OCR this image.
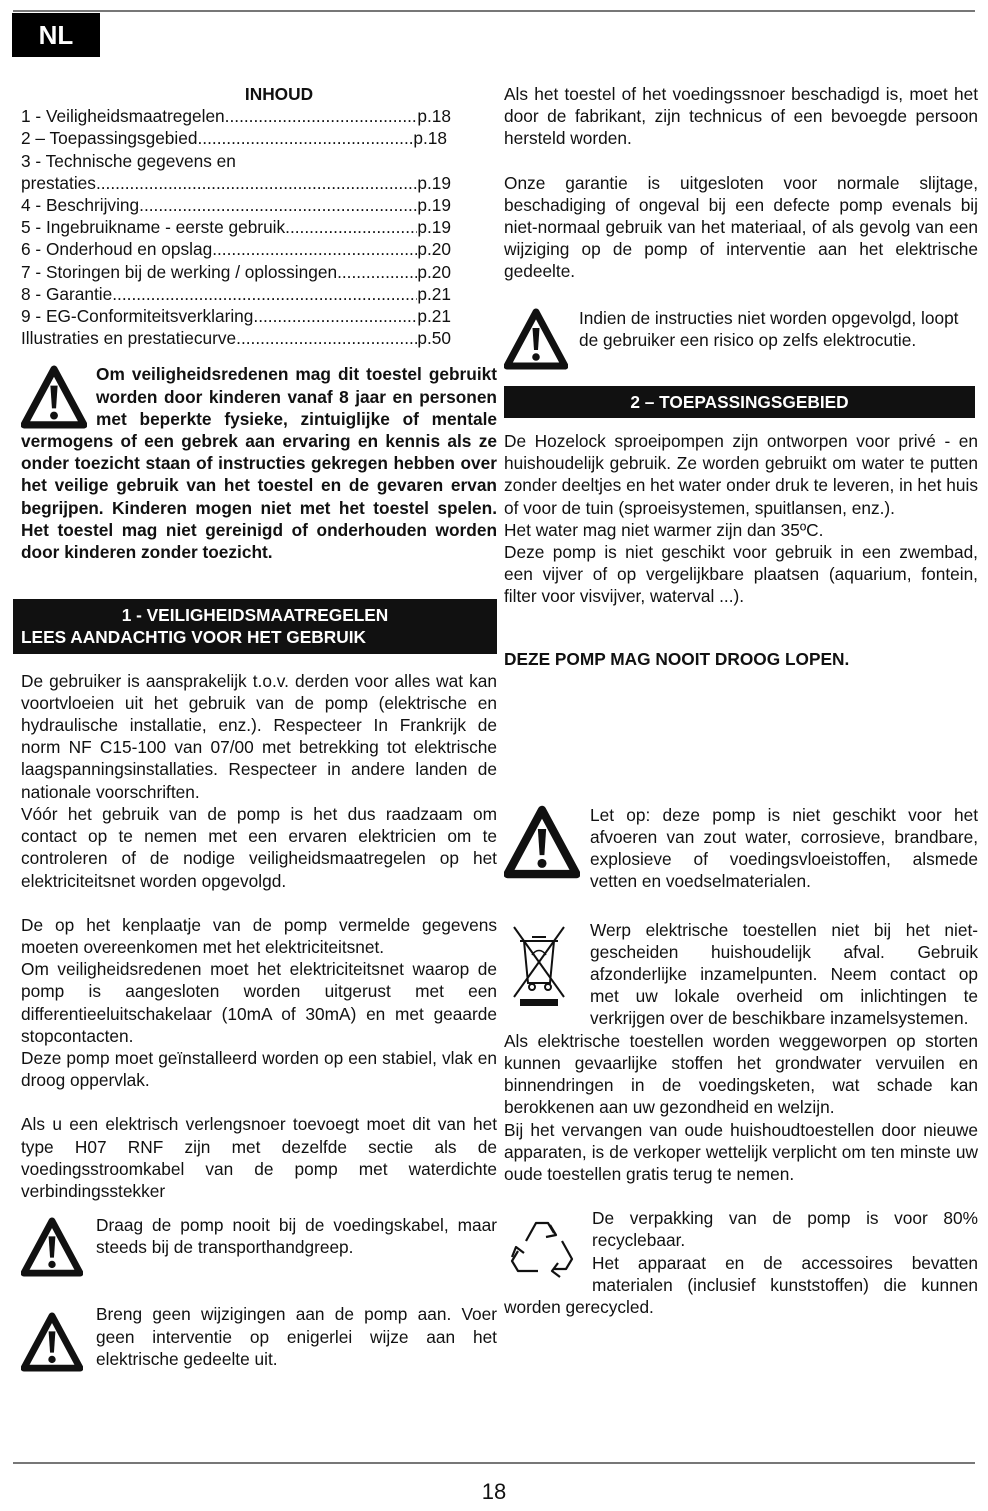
NL
INHOUD
1 - Veiligheidsmaatregelen .....	p.18
2 – Toepassingsgebied .....	p.18
3 - Technische gegevens en
prestaties .....	p.19
4 - Beschrijving .....	p.19
5 - Ingebruikname - eerste gebruik .....	p.19
6 - Onderhoud en opslag .....	p.20
7 - Storingen bij de werking / oplossingen .....	p.20
8 - Garantie .....	p.21
9 - EG-Conformiteitsverklaring .....	p.21
Illustraties en prestatiecurve .....	p.50
Om veiligheidsredenen mag dit toestel gebruikt worden door kinderen vanaf 8 jaar en personen met beperkte fysieke, zintuiglijke of mentale vermogens of een gebrek aan ervaring en kennis als ze onder toezicht staan of instructies gekregen hebben over het veilige gebruik van het toestel en de gevaren ervan begrijpen. Kinderen mogen niet met het toestel spelen. Het toestel mag niet gereinigd of onderhouden worden door kinderen zonder toezicht.
1 - VEILIGHEIDSMAATREGELEN
LEES AANDACHTIG VOOR HET GEBRUIK
De gebruiker is aansprakelijk t.o.v. derden voor alles wat kan voortvloeien uit het gebruik van de pomp (elektrische en hydraulische installatie, enz.). Respecteer In Frankrijk de norm NF C15-100 van 07/00 met betrekking tot elektrische laagspanningsinstallaties. Respecteer in andere landen de nationale voorschriften.
Vóór het gebruik van de pomp is het dus raadzaam om contact op te nemen met een ervaren elektricien om te controleren of de nodige veiligheidsmaatregelen op het elektriciteitsnet worden opgevolgd.
De op het kenplaatje van de pomp vermelde gegevens moeten overeenkomen met het elektriciteitsnet.
Om veiligheidsredenen moet het elektriciteitsnet waarop de pomp is aangesloten worden uitgerust met een differentieeluitschakelaar (10mA of 30mA) en met geaarde stopcontacten.
Deze pomp moet geïnstalleerd worden op een stabiel, vlak en droog oppervlak.
Als u een elektrisch verlengsnoer toevoegt moet dit van het type H07 RNF zijn met dezelfde sectie als de voedingsstroomkabel van de pomp met waterdichte verbindingsstekker
Draag de pomp nooit bij de voedingskabel, maar steeds bij de transporthandgreep.
Breng geen wijzigingen aan de pomp aan. Voer geen interventie op enigerlei wijze aan het elektrische gedeelte uit.
Als het toestel of het voedingssnoer beschadigd is, moet het door de fabrikant, zijn technicus of een bevoegde persoon hersteld worden.
Onze garantie is uitgesloten voor normale slijtage, beschadiging of ongeval bij een defecte pomp evenals bij niet-normaal gebruik van het materiaal, of als gevolg van een wijziging op de pomp of interventie aan het elektrische gedeelte.
Indien de instructies niet worden opgevolgd, loopt de gebruiker een risico op zelfs elektrocutie.
2 – TOEPASSINGSGEBIED
De Hozelock sproeipompen zijn ontworpen voor privé - en huishoudelijk gebruik. Ze worden gebruikt om water te putten zonder deeltjes en het water onder druk te leveren, in het huis of voor de tuin (sproeisystemen, spuitlansen, enz.).
Het water mag niet warmer zijn dan 35ºC.
Deze pomp is niet geschikt voor gebruik in een zwembad, een vijver of op vergelijkbare plaatsen (aquarium, fontein, filter voor visvijver, waterval ...).
DEZE POMP MAG NOOIT DROOG LOPEN.
Let op: deze pomp is niet geschikt voor het afvoeren van zout water, corrosieve, brandbare, explosieve of voedingsvloeistoffen, alsmede vetten en voedselmaterialen.
Werp elektrische toestellen niet bij het niet-gescheiden huishoudelijk afval. Gebruik afzonderlijke inzamelpunten. Neem contact op met uw lokale overheid om inlichtingen te verkrijgen over de beschikbare inzamelsystemen.
Als elektrische toestellen worden weggeworpen op storten kunnen gevaarlijke stoffen het grondwater vervuilen en binnendringen in de voedingsketen, wat schade kan berokkenen aan uw gezondheid en welzijn.
Bij het vervangen van oude huishoudtoestellen door nieuwe apparaten, is de verkoper wettelijk verplicht om ten minste uw oude toestellen gratis terug te nemen.
De verpakking van de pomp is voor 80% recyclebaar.
Het apparaat en de accessoires bevatten materialen (inclusief kunststoffen) die kunnen worden gerecycled.
18
